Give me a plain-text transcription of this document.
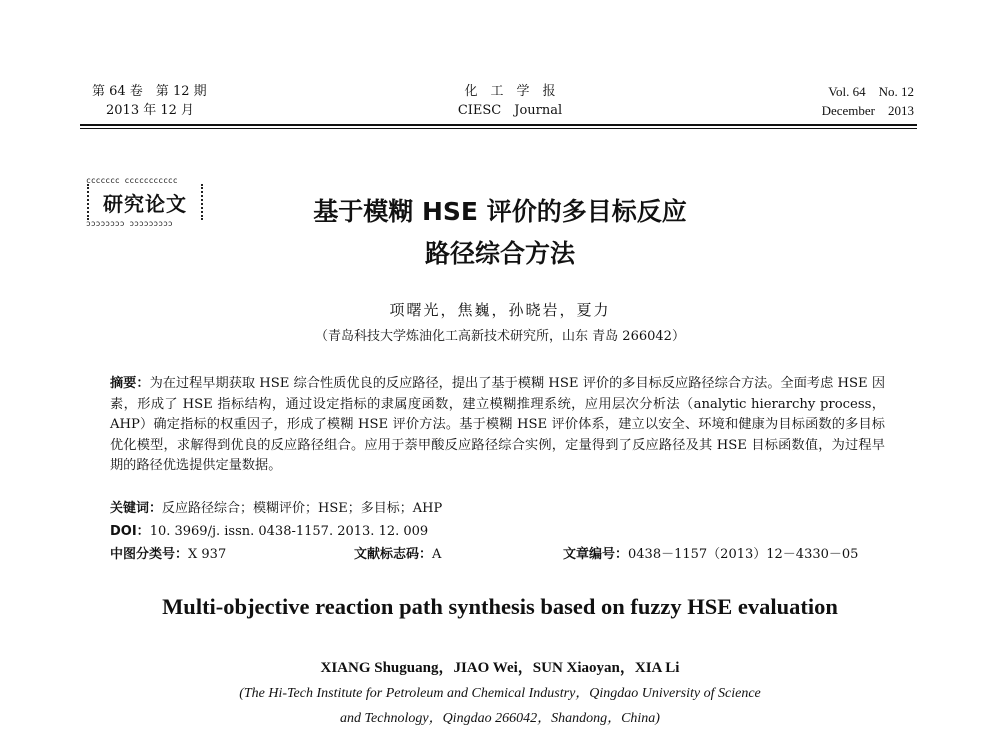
第 64 卷　第 12 期
2013 年 12 月
化工学报
CIESC　Journal
Vol. 64　No. 12
December　2013
ccccccc ccccccccccc
研究论文
ɔɔɔɔɔɔɔɔ ɔɔɔɔɔɔɔɔɔ	基于模糊 HSE 评价的多目标反应
路径综合方法
项曙光，焦巍，孙晓岩，夏力
（青岛科技大学炼油化工高新技术研究所，山东 青岛 266042）
摘要：为在过程早期获取 HSE 综合性质优良的反应路径，提出了基于模糊 HSE 评价的多目标反应路径综合方法。全面考虑 HSE 因素，形成了 HSE 指标结构，通过设定指标的隶属度函数，建立模糊推理系统，应用层次分析法（analytic hierarchy process，AHP）确定指标的权重因子，形成了模糊 HSE 评价方法。基于模糊 HSE 评价体系，建立以安全、环境和健康为目标函数的多目标优化模型，求解得到优良的反应路径组合。应用于萘甲酸反应路径综合实例，定量得到了反应路径及其 HSE 目标函数值，为过程早期的路径优选提供定量数据。
关键词：反应路径综合；模糊评价；HSE；多目标；AHP
DOI：10. 3969/j. issn. 0438-1157. 2013. 12. 009
中图分类号：X 937	文献标志码：A	文章编号：0438－1157（2013）12－4330－05
Multi-objective reaction path synthesis based on fuzzy HSE evaluation
XIANG Shuguang，JIAO Wei，SUN Xiaoyan，XIA Li
(The Hi-Tech Institute for Petroleum and Chemical Industry，Qingdao University of Science
and Technology，Qingdao 266042，Shandong，China)
